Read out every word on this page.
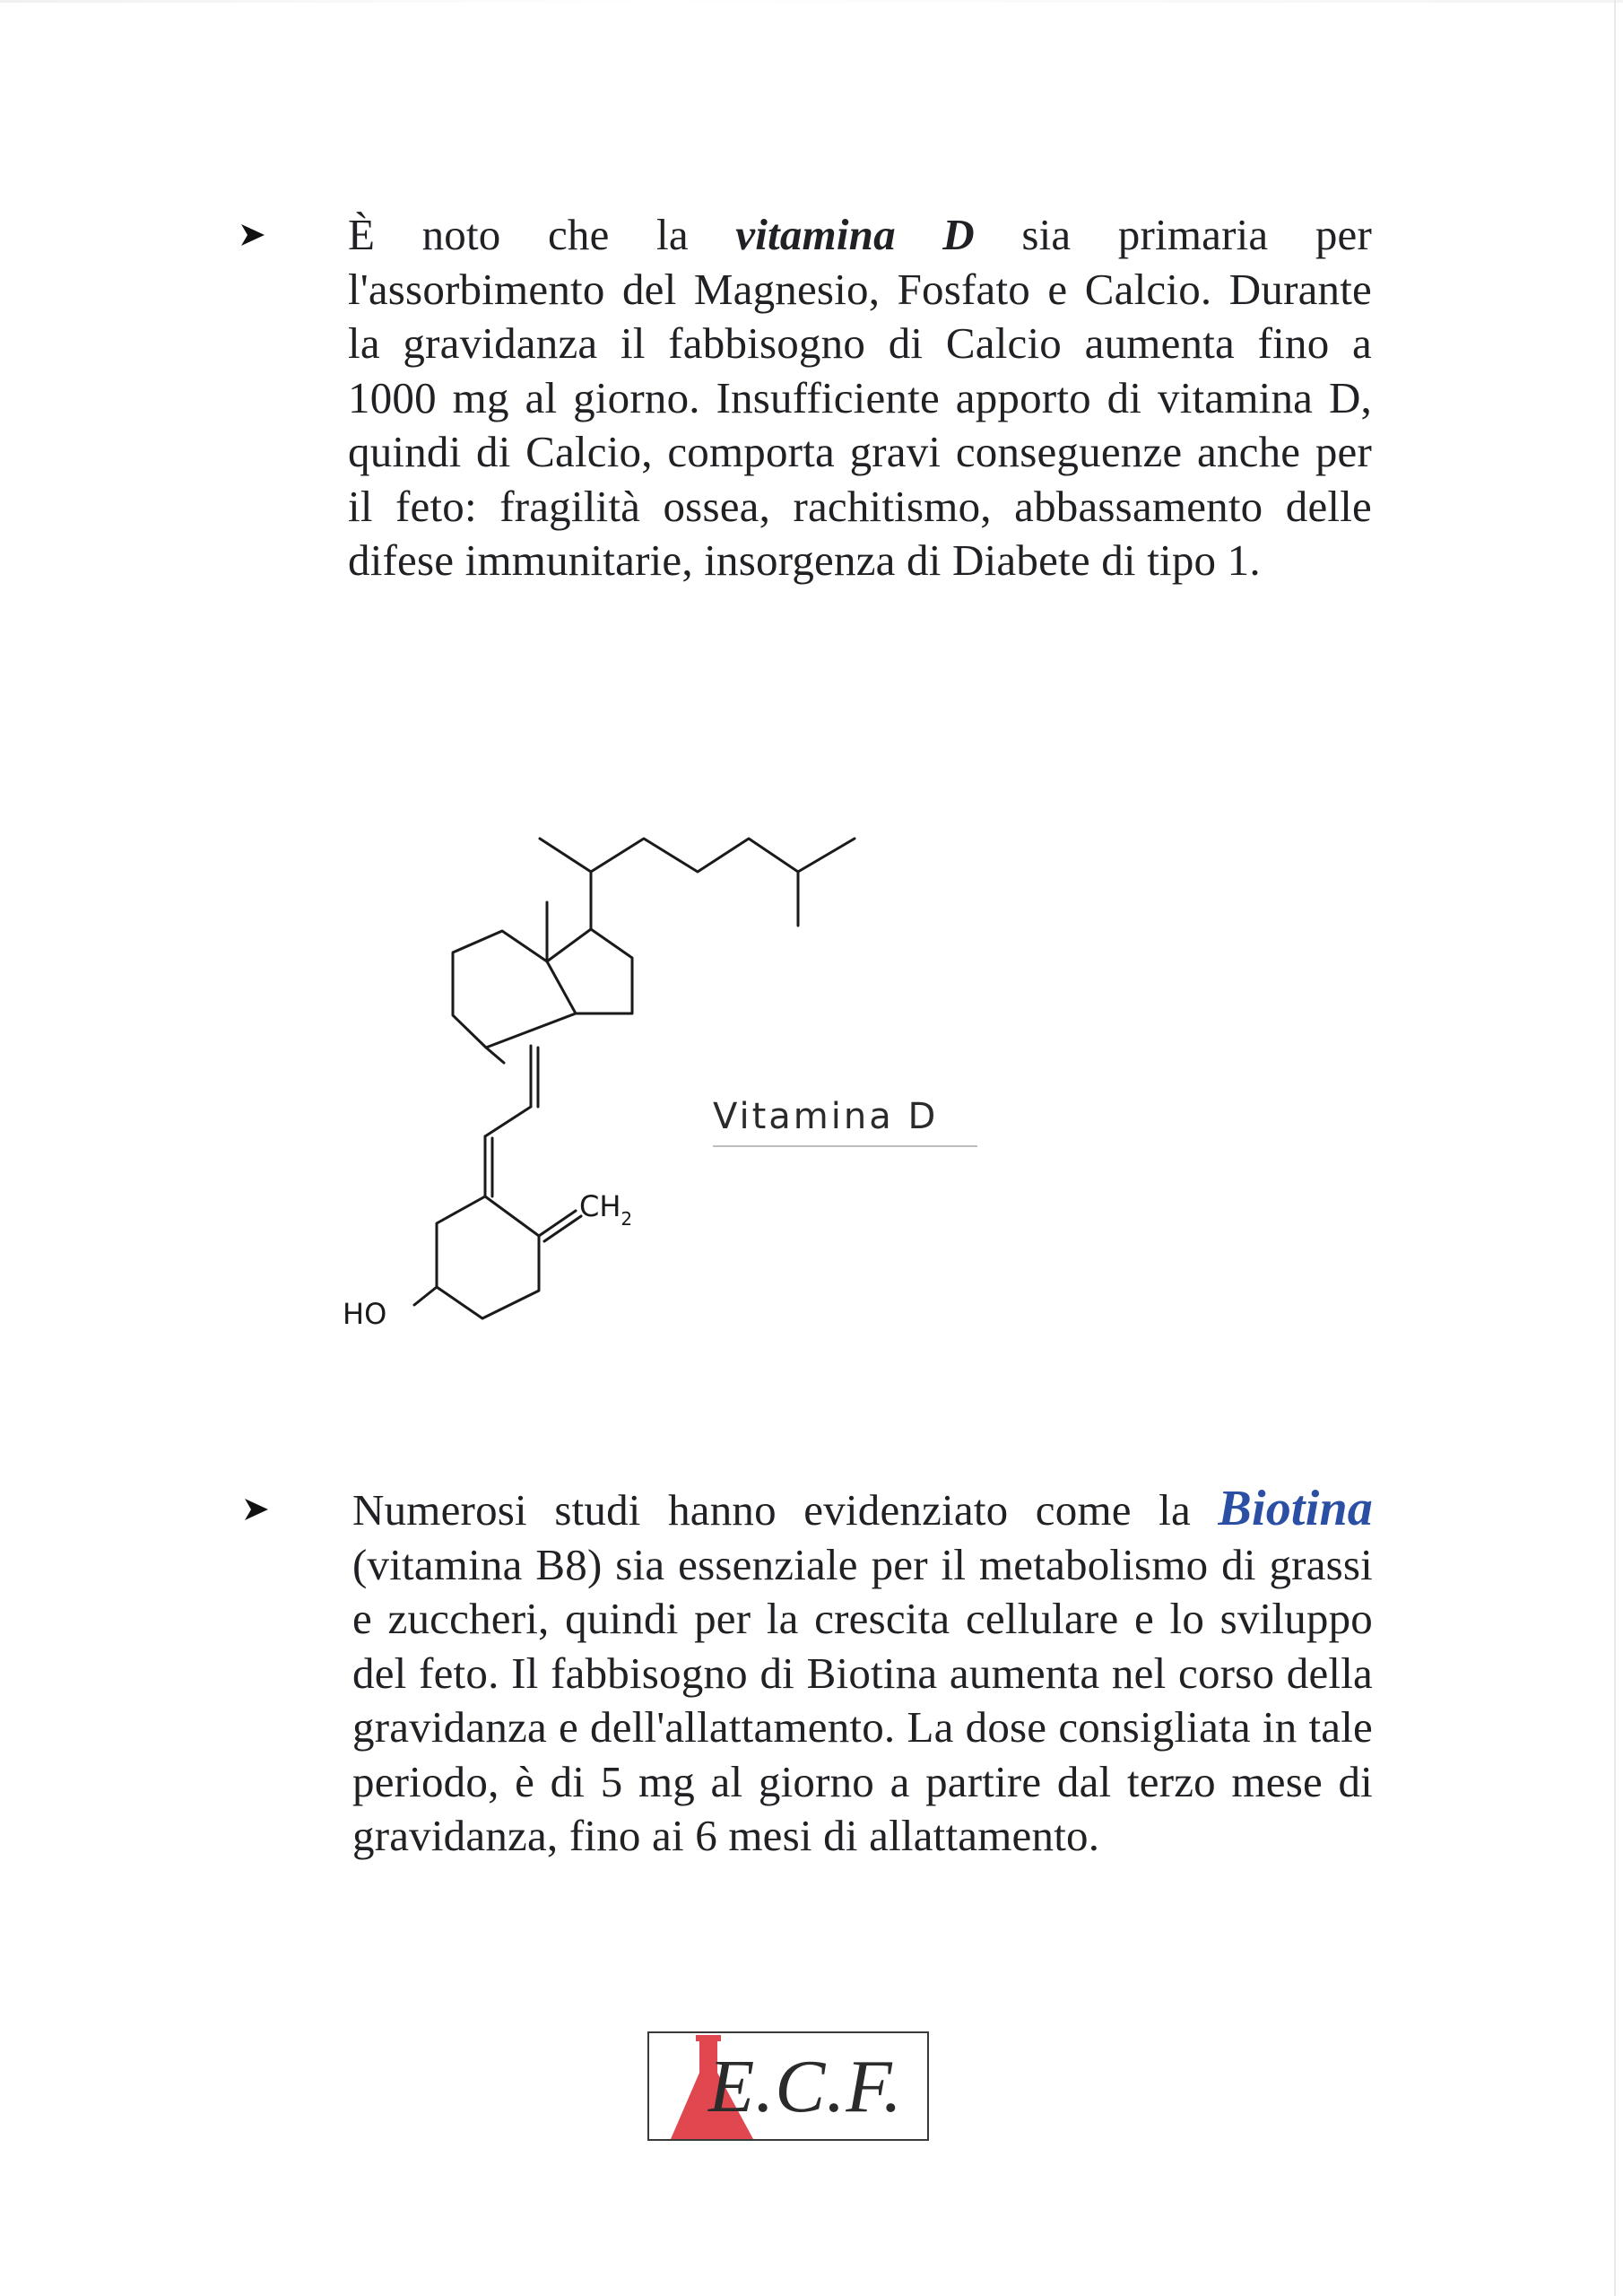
È noto che la vitamina D sia primaria per
l'assorbimento del Magnesio, Fosfato e Calcio. Durante la gravidanza il fabbisogno di Calcio aumenta fino a 1000 mg al giorno. Insufficiente apporto di vitamina D, quindi di Calcio, comporta gravi conseguenze anche per il feto: fragilità ossea, rachitismo, abbassamento delle difese immunitarie, insorgenza di Diabete di tipo 1.
$CH_2$
HO
Vitamina D
Numerosi studi hanno evidenziato come la Biotina
(vitamina B8) sia essenziale per il metabolismo di grassi e zuccheri, quindi per la crescita cellulare e lo sviluppo del feto. Il fabbisogno di Biotina aumenta nel corso della gravidanza e dell'allattamento. La dose consigliata in tale periodo, è di 5 mg al giorno a partire dal terzo mese di gravidanza, fino ai 6 mesi di allattamento.
E.C.F.
